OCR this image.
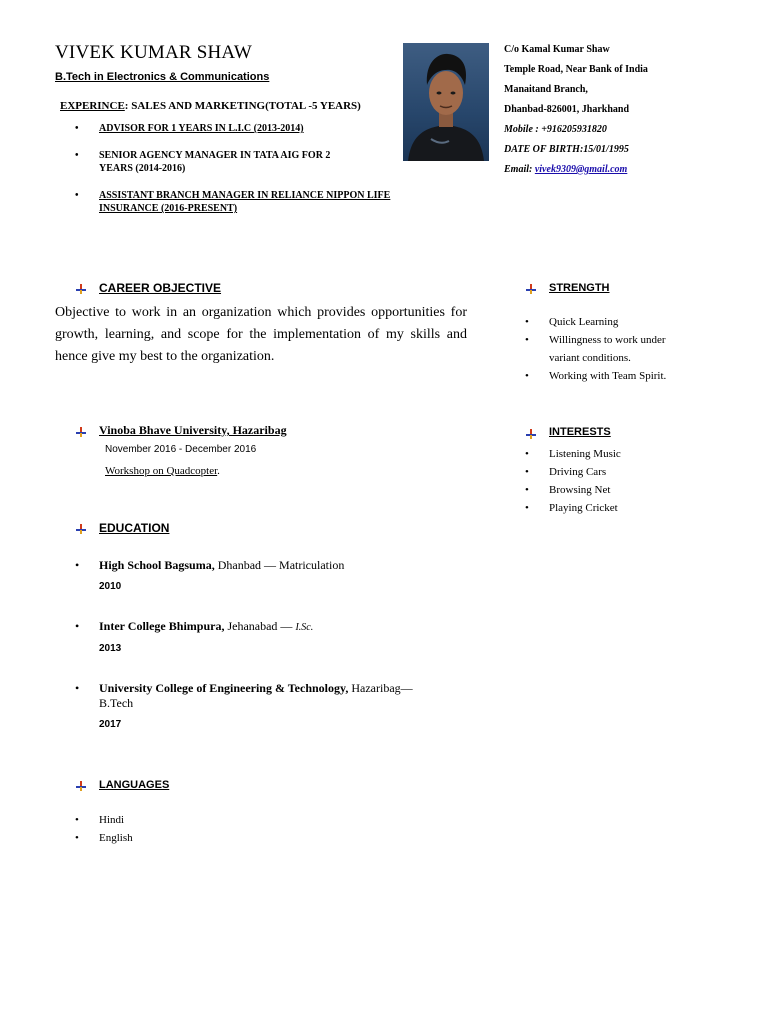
VIVEK KUMAR SHAW
B.Tech in Electronics & Communications
EXPERINCE: SALES AND MARKETING(TOTAL -5 YEARS)
• ADVISOR FOR 1 YEARS IN L.I.C (2013-2014)
• SENIOR AGENCY MANAGER IN TATA AIG FOR 2 YEARS (2014-2016)
• ASSISTANT BRANCH MANAGER IN RELIANCE NIPPON LIFE INSURANCE (2016-PRESENT)
C/o Kamal Kumar Shaw
Temple Road, Near Bank of India
Manaitand Branch,
Dhanbad-826001, Jharkhand
Mobile : +916205931820
DATE OF BIRTH:15/01/1995
Email: vivek9309@gmail.com
CAREER OBJECTIVE
Objective to work in an organization which provides opportunities for growth, learning, and scope for the implementation of my skills and hence give my best to the organization.
STRENGTH
• Quick Learning
• Willingness to work under variant conditions.
• Working with Team Spirit.
Vinoba Bhave University, Hazaribag
November 2016 - December 2016
Workshop on Quadcopter.
INTERESTS
• Listening Music
• Driving Cars
• Browsing Net
• Playing Cricket
EDUCATION
• High School Bagsuma, Dhanbad — Matriculation
2010
• Inter College Bhimpura, Jehanabad — I.Sc.
2013
• University College of Engineering & Technology, Hazaribag— B.Tech
2017
LANGUAGES
• Hindi
• English
